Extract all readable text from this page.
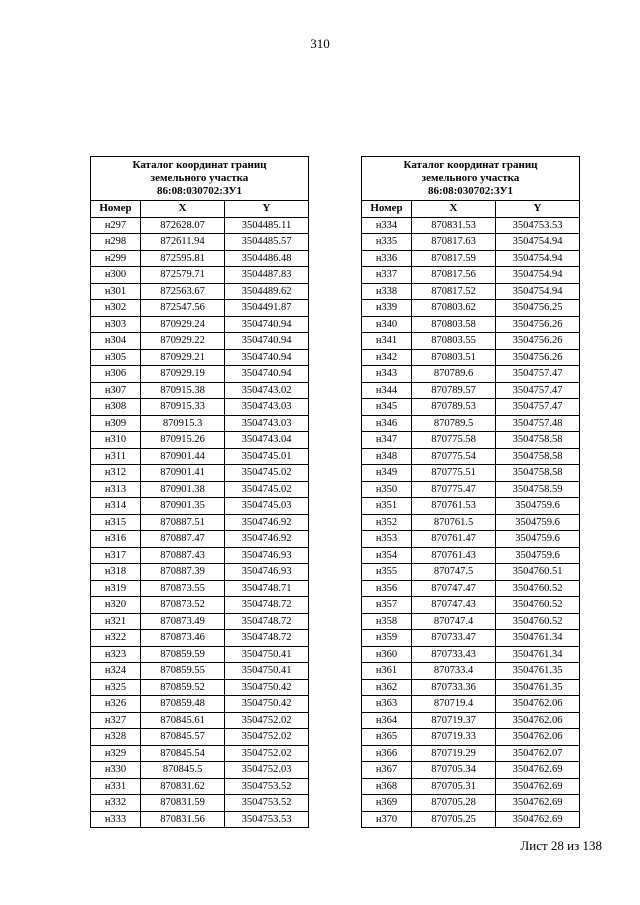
310
Каталог координат границ
земельного участка
86:08:030702:ЗУ1		

Номер	X	Y
н297	872628.07	3504485.11
н298	872611.94	3504485.57
н299	872595.81	3504486.48
н300	872579.71	3504487.83
н301	872563.67	3504489.62
н302	872547.56	3504491.87
н303	870929.24	3504740.94
н304	870929.22	3504740.94
н305	870929.21	3504740.94
н306	870929.19	3504740.94
н307	870915.38	3504743.02
н308	870915.33	3504743.03
н309	870915.3	3504743.03
н310	870915.26	3504743.04
н311	870901.44	3504745.01
н312	870901.41	3504745.02
н313	870901.38	3504745.02
н314	870901.35	3504745.03
н315	870887.51	3504746.92
н316	870887.47	3504746.92
н317	870887.43	3504746.93
н318	870887.39	3504746.93
н319	870873.55	3504748.71
н320	870873.52	3504748.72
н321	870873.49	3504748.72
н322	870873.46	3504748.72
н323	870859.59	3504750.41
н324	870859.55	3504750.41
н325	870859.52	3504750.42
н326	870859.48	3504750.42
н327	870845.61	3504752.02
н328	870845.57	3504752.02
н329	870845.54	3504752.02
н330	870845.5	3504752.03
н331	870831.62	3504753.52
н332	870831.59	3504753.52
н333	870831.56	3504753.53
Каталог координат границ
земельного участка
86:08:030702:ЗУ1		

Номер	X	Y
н334	870831.53	3504753.53
н335	870817.63	3504754.94
н336	870817.59	3504754.94
н337	870817.56	3504754.94
н338	870817.52	3504754.94
н339	870803.62	3504756.25
н340	870803.58	3504756.26
н341	870803.55	3504756.26
н342	870803.51	3504756.26
н343	870789.6	3504757.47
н344	870789.57	3504757.47
н345	870789.53	3504757.47
н346	870789.5	3504757.48
н347	870775.58	3504758.58
н348	870775.54	3504758.58
н349	870775.51	3504758.58
н350	870775.47	3504758.59
н351	870761.53	3504759.6
н352	870761.5	3504759.6
н353	870761.47	3504759.6
н354	870761.43	3504759.6
н355	870747.5	3504760.51
н356	870747.47	3504760.52
н357	870747.43	3504760.52
н358	870747.4	3504760.52
н359	870733.47	3504761.34
н360	870733.43	3504761.34
н361	870733.4	3504761.35
н362	870733.36	3504761.35
н363	870719.4	3504762.06
н364	870719.37	3504762.06
н365	870719.33	3504762.06
н366	870719.29	3504762.07
н367	870705.34	3504762.69
н368	870705.31	3504762.69
н369	870705.28	3504762.69
н370	870705.25	3504762.69
Лист 28 из 138
